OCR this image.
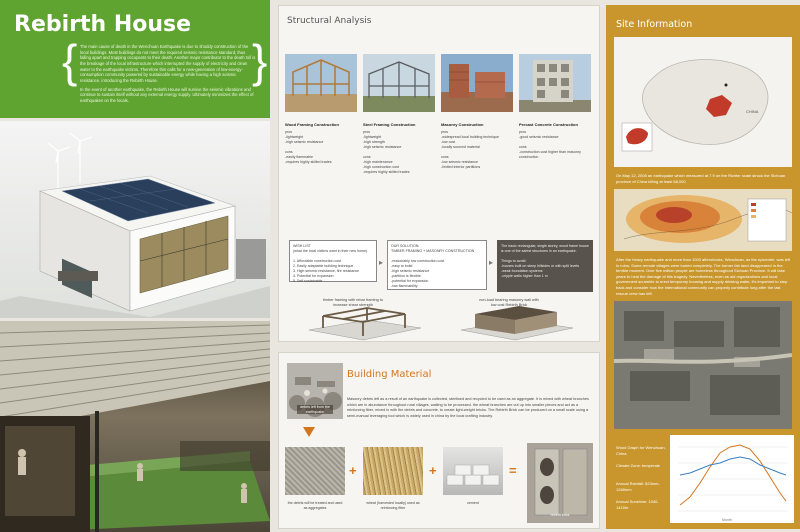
Rebirth House
{	}

The main cause of death in the Wenchuan Earthquake is due to shoddy construction of the local buildings. Most buildings do not meet the required seismic resistance standard, thus falling apart and trapping occupants to their death. Another major contributor to the death toll is the breakage of the local infrastructure which interrupted the supply of electricity and clean water to the earthquake victims. Therefore this calls for a new-generation of low-energy-consumption community powered by sustainable energy while having a high seismic resistance, introducing the Rebirth House.

In the event of another earthquake, the Rebirth House will survive the seismic vibrations and continue to sustain itself without any external energy supply. Ultimately minimizes the effect of earthquakes on the locals.

Structural Analysis
Wood Framing Construction
pros
-lightweight
-high seismic resistance

cons
-easily flammable
-requires highly skilled trades
Steel Framing Construction
pros
-lightweight
-high strength
-high seismic resistance

cons
-high maintenance
-high construction cost
-requires highly skilled trades
Masonry Construction
pros
-widespread local building technique
-low cost
-locally sourced material

cons
-low seismic resistance
-limited interior partitions
Precast Concrete Construction
pros
-good seismic resistance

cons
-construction cost higher than masonry construction
WISH LIST
(what the local victims want in their new home)

1. Affordable construction cost
2. Easily adaptable building technique
3. High seismic resistance, fire resistance
4. Potential for expansion
5. Self sustainable
▸
OUR SOLUTION:
TIMBER FRAMING + MASONRY CONSTRUCTION

-reasonably low construction cost
-easy to build
-high seismic resistance
-partition is flexible
-potential for expansion
-low flammability
▸
The basic rectangular, single storey, wood frame house is one of the safest structures in an earthquake.

Things to avoid:
-houses built on steep hillsides or with split levels
-weak foundation systems
-cripple walls higher than 1 m
timber framing with rebar framing to increase shear strength
non-load bearing masonry wall with low cost Rebirth Brick
debris left from the earthquake
Building Material
Masonry debris left as a result of an earthquake is collected, sterilised and recycled to be used as an aggregate. It is mixed with wheat branches which are in abundance throughout rural villages, waiting to be processed. the wheat branches are cut up into smaller pieces and act as a reinforcing fiber, mixed in with the debris and concrete, to create light-weight bricks. The Rebirth Brick can be produced on a small scale using a semi-manual leveraging tool which is widely used in china by the local crafting industry.
the debris will be treated and used as aggregates
+
wheat (harvested locally) used as reinforcing fiber
+
cement
=
rebirth brick
Site Information
CHINA
On May 12, 2008 an earthquake which measured at 7.9 on the Richter scale struck the Sichuan province of China killing at least 68,000
After the heavy earthquake and more than 1000 aftershocks, Wenchuan, as the epicenter, was left in ruins. Some remote villages were buried completely. The former fair land disappeared in the terrible moment. Over five million people are homeless throughout Sichuan Province. It will take years to heal the damage of this tragedy. Nevertheless, even as aid organizations and local government scramble to erect temporary housing and supply drinking water, it's important to step back and consider how the international community can properly contribute long after the last rescue crew has left.
Wood Graph for Wenchuan, China
Climate Zone: temperate
Annual Rainfall: 823mm-1268mm
Annual Sunshine: 1040-1415hr
Month
